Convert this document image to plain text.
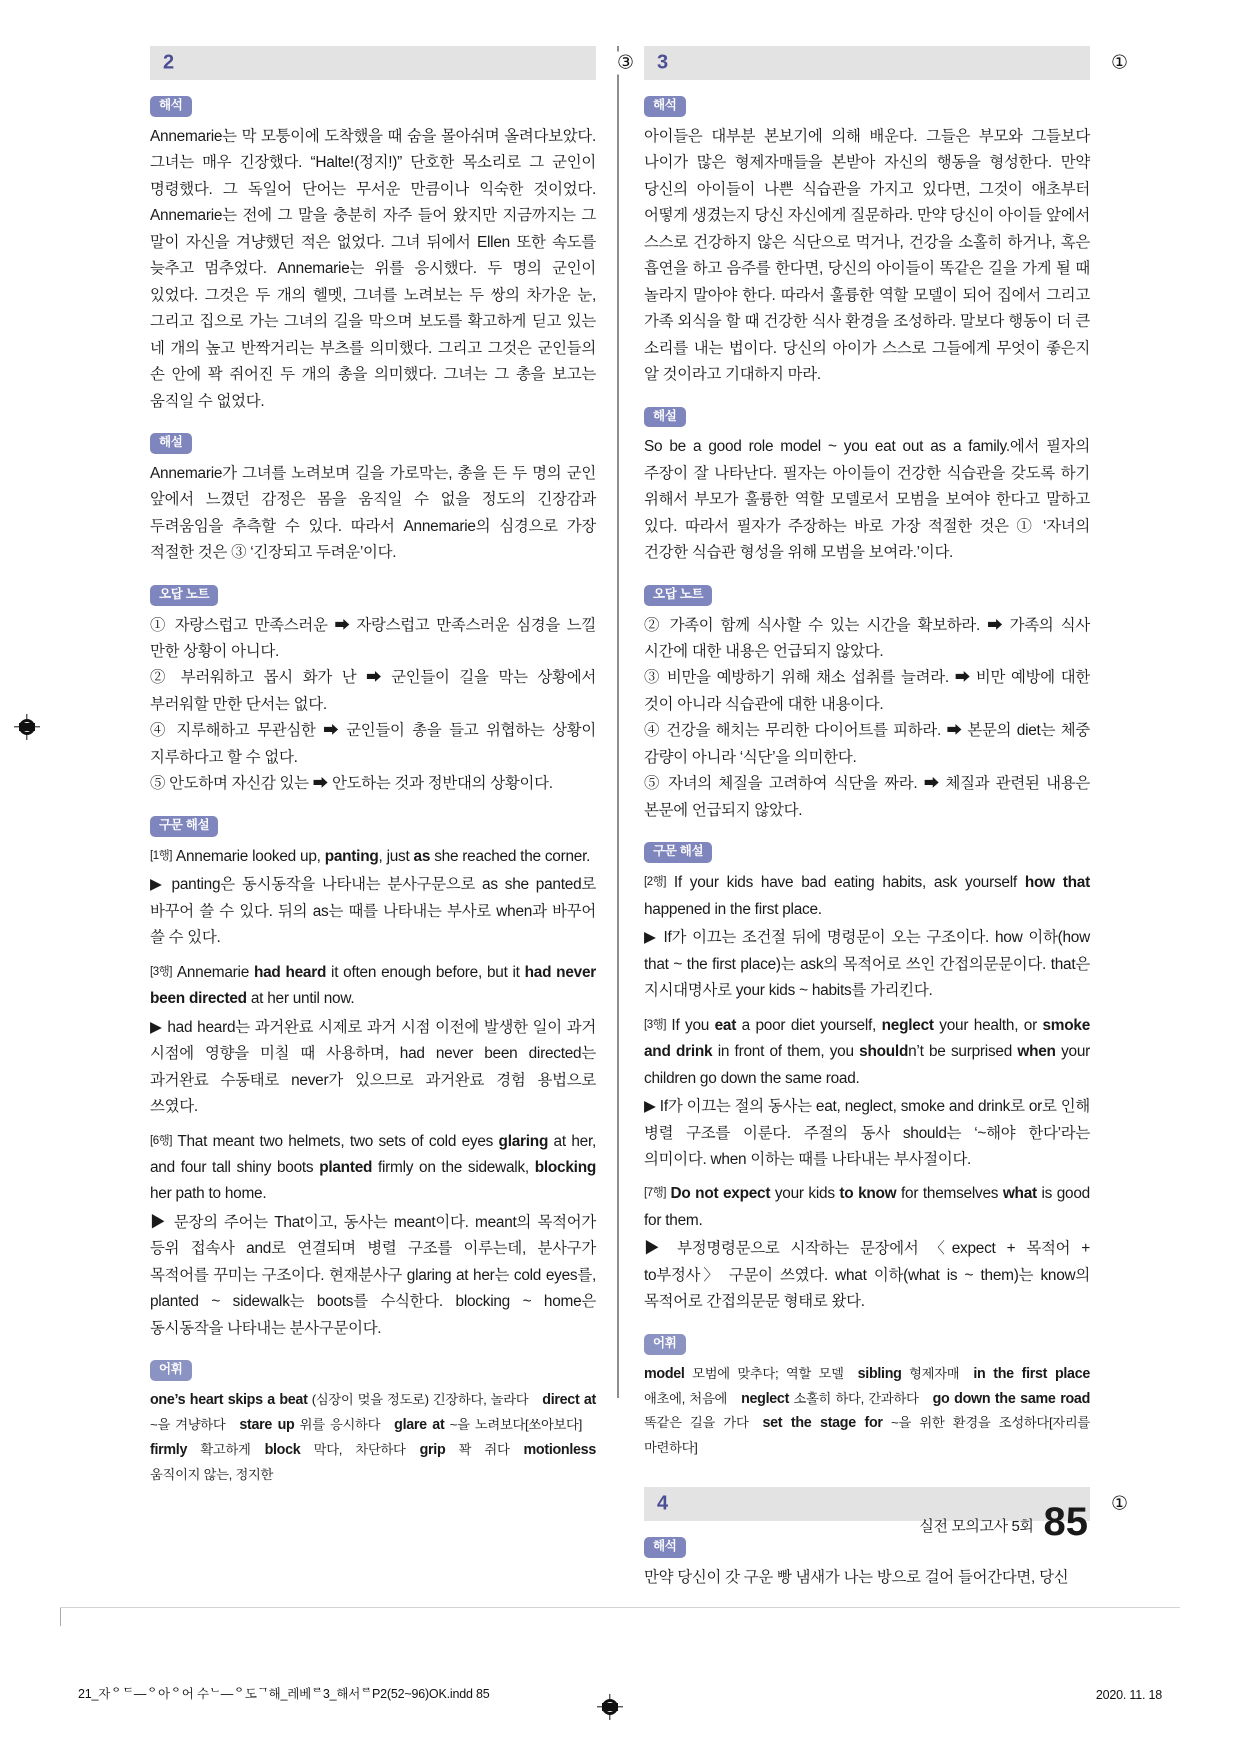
2	③
해석

Annemarie는 막 모퉁이에 도착했을 때 숨을 몰아쉬며 올려다보았다. 그녀는 매우 긴장했다. “Halte!(정지!)” 단호한 목소리로 그 군인이 명령했다. 그 독일어 단어는 무서운 만큼이나 익숙한 것이었다. Annemarie는 전에 그 말을 충분히 자주 들어 왔지만 지금까지는 그 말이 자신을 겨냥했던 적은 없었다. 그녀 뒤에서 Ellen 또한 속도를 늦추고 멈추었다. Annemarie는 위를 응시했다. 두 명의 군인이 있었다. 그것은 두 개의 헬멧, 그녀를 노려보는 두 쌍의 차가운 눈, 그리고 집으로 가는 그녀의 길을 막으며 보도를 확고하게 딛고 있는 네 개의 높고 반짝거리는 부츠를 의미했다. 그리고 그것은 군인들의 손 안에 꽉 쥐어진 두 개의 총을 의미했다. 그녀는 그 총을 보고는 움직일 수 없었다.

해설

Annemarie가 그녀를 노려보며 길을 가로막는, 총을 든 두 명의 군인 앞에서 느꼈던 감정은 몸을 움직일 수 없을 정도의 긴장감과 두려움임을 추측할 수 있다. 따라서 Annemarie의 심경으로 가장 적절한 것은 ③ ‘긴장되고 두려운’이다.

오답 노트
① 자랑스럽고 만족스러운 ➡ 자랑스럽고 만족스러운 심경을 느낄 만한 상황이 아니다.
② 부러워하고 몹시 화가 난 ➡ 군인들이 길을 막는 상황에서 부러워할 만한 단서는 없다.
④ 지루해하고 무관심한 ➡ 군인들이 총을 들고 위협하는 상황이 지루하다고 할 수 없다.
⑤ 안도하며 자신감 있는 ➡ 안도하는 것과 정반대의 상황이다.
구문 해설
[1행] Annemarie looked up, panting, just as she reached the corner.
▶ panting은 동시동작을 나타내는 분사구문으로 as she panted로 바꾸어 쓸 수 있다. 뒤의 as는 때를 나타내는 부사로 when과 바꾸어 쓸 수 있다.
[3행] Annemarie had heard it often enough before, but it had never been directed at her until now.
▶ had heard는 과거완료 시제로 과거 시점 이전에 발생한 일이 과거 시점에 영향을 미칠 때 사용하며, had never been directed는 과거완료 수동태로 never가 있으므로 과거완료 경험 용법으로 쓰였다.
[6행] That meant two helmets, two sets of cold eyes glaring at her, and four tall shiny boots planted firmly on the sidewalk, blocking her path to home.
▶ 문장의 주어는 That이고, 동사는 meant이다. meant의 목적어가 등위 접속사 and로 연결되며 병렬 구조를 이루는데, 분사구가 목적어를 꾸미는 구조이다. 현재분사구 glaring at her는 cold eyes를, planted ~ sidewalk는 boots를 수식한다. blocking ~ home은 동시동작을 나타내는 분사구문이다.
어휘

one’s heart skips a beat (심장이 멎을 정도로) 긴장하다, 놀라다  direct at ~을 겨냥하다  stare up 위를 응시하다  glare at ~을 노려보다[쏘아보다] firmly 확고하게  block 막다, 차단하다  grip 꽉 쥐다  motionless 움직이지 않는, 정지한

3	①
해석

아이들은 대부분 본보기에 의해 배운다. 그들은 부모와 그들보다 나이가 많은 형제자매들을 본받아 자신의 행동을 형성한다. 만약 당신의 아이들이 나쁜 식습관을 가지고 있다면, 그것이 애초부터 어떻게 생겼는지 당신 자신에게 질문하라. 만약 당신이 아이들 앞에서 스스로 건강하지 않은 식단으로 먹거나, 건강을 소홀히 하거나, 혹은 흡연을 하고 음주를 한다면, 당신의 아이들이 똑같은 길을 가게 될 때 놀라지 말아야 한다. 따라서 훌륭한 역할 모델이 되어 집에서 그리고 가족 외식을 할 때 건강한 식사 환경을 조성하라. 말보다 행동이 더 큰 소리를 내는 법이다. 당신의 아이가 스스로 그들에게 무엇이 좋은지 알 것이라고 기대하지 마라.

해설

So be a good role model ~ you eat out as a family.에서 필자의 주장이 잘 나타난다. 필자는 아이들이 건강한 식습관을 갖도록 하기 위해서 부모가 훌륭한 역할 모델로서 모범을 보여야 한다고 말하고 있다. 따라서 필자가 주장하는 바로 가장 적절한 것은 ① ‘자녀의 건강한 식습관 형성을 위해 모범을 보여라.’이다.

오답 노트
② 가족이 함께 식사할 수 있는 시간을 확보하라. ➡ 가족의 식사 시간에 대한 내용은 언급되지 않았다.
③ 비만을 예방하기 위해 채소 섭취를 늘려라. ➡ 비만 예방에 대한 것이 아니라 식습관에 대한 내용이다.
④ 건강을 해치는 무리한 다이어트를 피하라. ➡ 본문의 diet는 체중 감량이 아니라 ‘식단’을 의미한다.
⑤ 자녀의 체질을 고려하여 식단을 짜라. ➡ 체질과 관련된 내용은 본문에 언급되지 않았다.
구문 해설
[2행] If your kids have bad eating habits, ask yourself how that happened in the first place.
▶ If가 이끄는 조건절 뒤에 명령문이 오는 구조이다. how 이하(how that ~ the first place)는 ask의 목적어로 쓰인 간접의문문이다. that은 지시대명사로 your kids ~ habits를 가리킨다.
[3행] If you eat a poor diet yourself, neglect your health, or smoke and drink in front of them, you shouldn’t be surprised when your children go down the same road.
▶ If가 이끄는 절의 동사는 eat, neglect, smoke and drink로 or로 인해 병렬 구조를 이룬다. 주절의 동사 should는 ‘~해야 한다’라는 의미이다. when 이하는 때를 나타내는 부사절이다.
[7행] Do not expect your kids to know for themselves what is good for them.
▶ 부정명령문으로 시작하는 문장에서 〈expect + 목적어 + to부정사〉 구문이 쓰였다. what 이하(what is ~ them)는 know의 목적어로 간접의문문 형태로 왔다.
어휘

model 모범에 맞추다; 역할 모델  sibling 형제자매  in the first place 애초에, 처음에  neglect 소홀히 하다, 간과하다  go down the same road 똑같은 길을 가다  set the stage for ~을 위한 환경을 조성하다[자리를 마련하다]

4	①
해석

만약 당신이 갓 구운 빵 냄새가 나는 방으로 걸어 들어간다면, 당신

실전 모의고사 5회 85
21_자ᄋᄃ—ᄋ아ᄋ어 수ᄂ—ᄋ도ᄀ해_레베ᄅ3_해서ᄅP2(52~96)OK.indd 85	2020. 11. 18
